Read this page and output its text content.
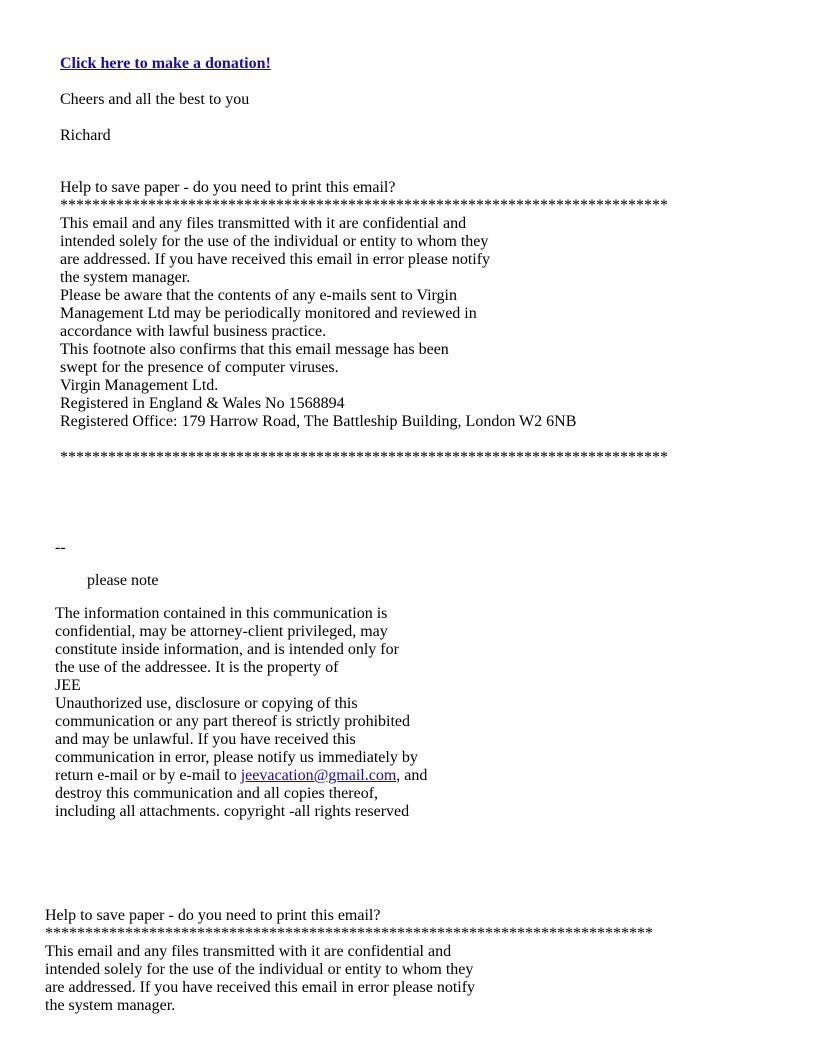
Click here to make a donation!
Cheers and all the best to you
Richard
Help to save paper - do you need to print this email?
****************************************************************************
This email and any files transmitted with it are confidential and
intended solely for the use of the individual or entity to whom they
are addressed. If you have received this email in error please notify
the system manager.
Please be aware that the contents of any e-mails sent to Virgin
Management Ltd may be periodically monitored and reviewed in
accordance with lawful business practice.
This footnote also confirms that this email message has been
swept for the presence of computer viruses.
Virgin Management Ltd.
Registered in England & Wales No 1568894
Registered Office: 179 Harrow Road, The Battleship Building, London W2 6NB
****************************************************************************
--
please note
The information contained in this communication is
confidential, may be attorney-client privileged, may
constitute inside information, and is intended only for
the use of the addressee. It is the property of
JEE
Unauthorized use, disclosure or copying of this
communication or any part thereof is strictly prohibited
and may be unlawful. If you have received this
communication in error, please notify us immediately by
return e-mail or by e-mail to jeevacation@gmail.com, and
destroy this communication and all copies thereof,
including all attachments. copyright -all rights reserved
Help to save paper - do you need to print this email?
****************************************************************************
This email and any files transmitted with it are confidential and
intended solely for the use of the individual or entity to whom they
are addressed. If you have received this email in error please notify
the system manager.
